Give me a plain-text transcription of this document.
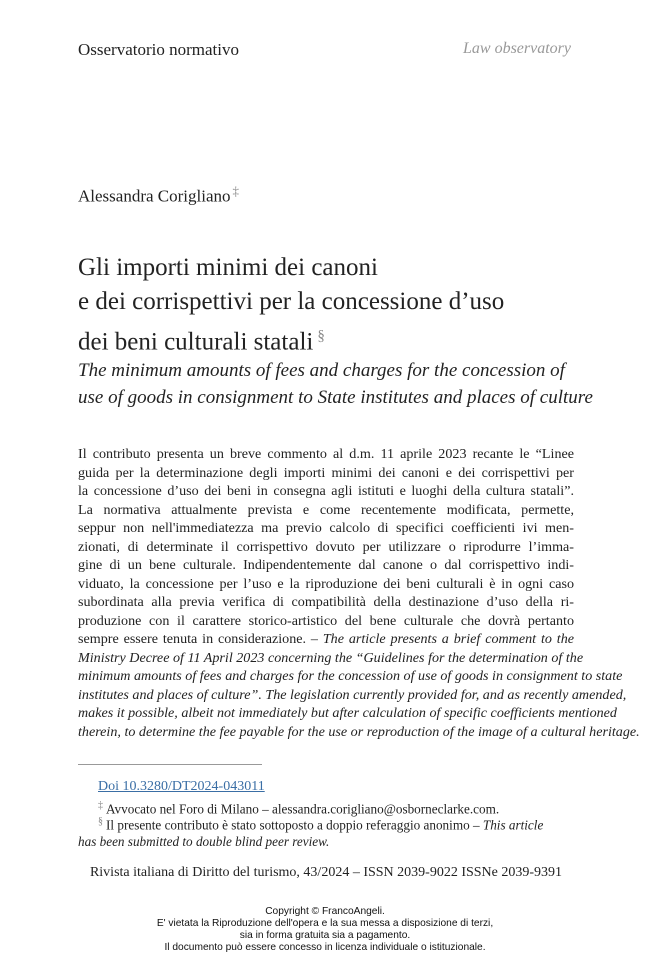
Osservatorio normativo	Law observatory
Alessandra Corigliano ‡
Gli importi minimi dei canoni
e dei corrispettivi per la concessione d’uso
dei beni culturali statali §
The minimum amounts of fees and charges for the concession of
use of goods in consignment to State institutes and places of culture
Il contributo presenta un breve commento al d.m. 11 aprile 2023 recante le “Linee
guida per la determinazione degli importi minimi dei canoni e dei corrispettivi per
la concessione d’uso dei beni in consegna agli istituti e luoghi della cultura statali”.
La normativa attualmente prevista e come recentemente modificata, permette,
seppur non nell'immediatezza ma previo calcolo di specifici coefficienti ivi men-
zionati, di determinate il corrispettivo dovuto per utilizzare o riprodurre l’imma-
gine di un bene culturale. Indipendentemente dal canone o dal corrispettivo indi-
viduato, la concessione per l’uso e la riproduzione dei beni culturali è in ogni caso
subordinata alla previa verifica di compatibilità della destinazione d’uso della ri-
produzione con il carattere storico-artistico del bene culturale che dovrà pertanto
sempre essere tenuta in considerazione. – The article presents a brief comment to the
Ministry Decree of 11 April 2023 concerning the “Guidelines for the determination of the
minimum amounts of fees and charges for the concession of use of goods in consignment to state
institutes and places of culture”. The legislation currently provided for, and as recently amended,
makes it possible, albeit not immediately but after calculation of specific coefficients mentioned
therein, to determine the fee payable for the use or reproduction of the image of a cultural heritage.
Doi 10.3280/DT2024-043011
‡ Avvocato nel Foro di Milano – alessandra.corigliano@osborneclarke.com.
§ Il presente contributo è stato sottoposto a doppio referaggio anonimo – This article
has been submitted to double blind peer review.
Rivista italiana di Diritto del turismo, 43/2024 – ISSN 2039-9022 ISSNe 2039-9391
Copyright © FrancoAngeli.
E' vietata la Riproduzione dell'opera e la sua messa a disposizione di terzi,
sia in forma gratuita sia a pagamento.
Il documento può essere concesso in licenza individuale o istituzionale.
